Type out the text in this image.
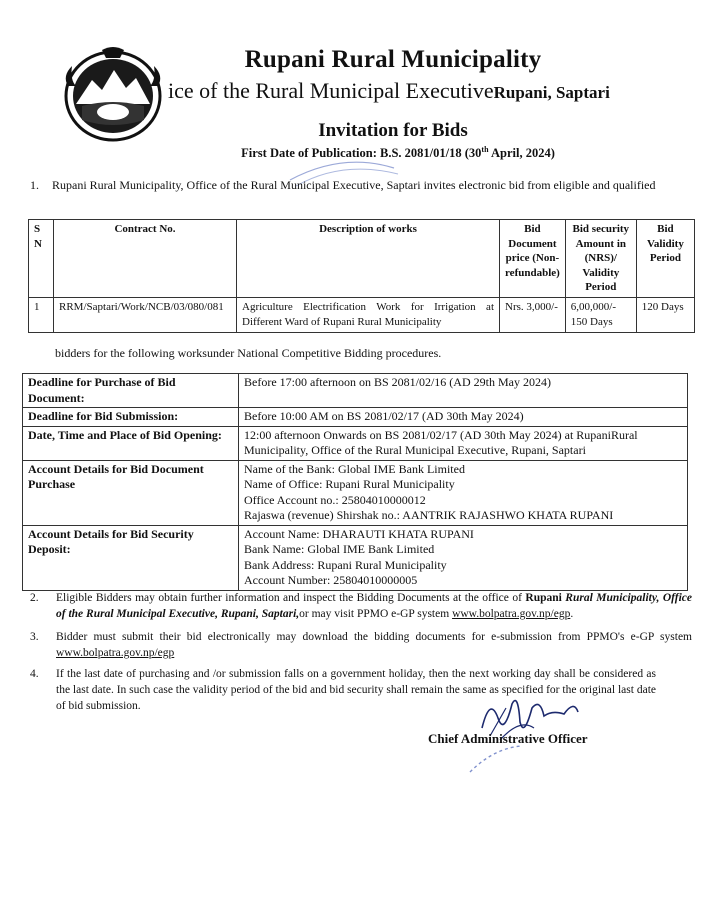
Rupani Rural Municipality
ice of the Rural Municipal ExecutiveRupani, Saptari
Invitation for Bids
First Date of Publication: B.S. 2081/01/18 (30th April, 2024)
1. Rupani Rural Municipality, Office of the Rural Municipal Executive, Saptari invites electronic bid from eligible and qualified
S N	Contract No.	Description of works	Bid Document price (Non-refundable)	Bid security Amount in (NRS)/ Validity Period	Bid Validity Period
1	RRM/Saptari/Work/NCB/03/080/081	Agriculture Electrification Work for Irrigation at Different Ward of Rupani Rural Municipality	Nrs. 3,000/-	6,00,000/- 150 Days	120 Days
bidders for the following worksunder National Competitive Bidding procedures.
Deadline for Purchase of Bid Document:	Before 17:00 afternoon on BS 2081/02/16 (AD 29th May 2024)
Deadline for Bid Submission:	Before 10:00 AM on BS 2081/02/17 (AD 30th May 2024)
Date, Time and Place of Bid Opening:	12:00 afternoon Onwards on BS 2081/02/17 (AD 30th May 2024) at RupaniRural Municipality, Office of the Rural Municipal Executive, Rupani, Saptari
Account Details for Bid Document Purchase	Name of the Bank: Global IME Bank Limited
Name of Office: Rupani Rural Municipality
Office Account no.: 25804010000012
Rajaswa (revenue) Shirshak no.: AANTRIK RAJASHWO KHATA RUPANI

Account Details for Bid Security Deposit:	Account Name: DHARAUTI KHATA RUPANI
Bank Name: Global IME Bank Limited
Bank Address: Rupani Rural Municipality
Account Number: 25804010000005
2. Eligible Bidders may obtain further information and inspect the Bidding Documents at the office of Rupani Rural Municipality, Office of the Rural Municipal Executive, Rupani, Saptari,or may visit PPMO e-GP system www.bolpatra.gov.np/egp.
3. Bidder must submit their bid electronically may download the bidding documents for e-submission from PPMO's e-GP system www.bolpatra.gov.np/egp
4. If the last date of purchasing and /or submission falls on a government holiday, then the next working day shall be considered as the last date. In such case the validity period of the bid and bid security shall remain the same as specified for the original last date of bid submission.
Chief Administrative Officer
